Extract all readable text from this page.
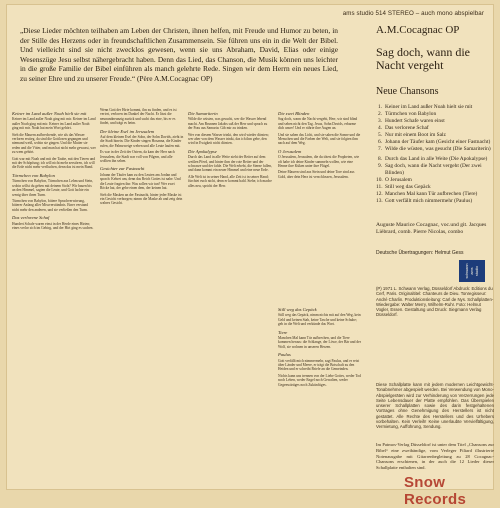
ams studio 514 STEREO – auch mono abspielbar
„Diese Lieder möchten teilhaben am Leben der Christen, ihnen helfen, mit Freude und Humor zu beten, in der Stille des Herzens oder in freundschaftlichen Zusammensein. Sie führen uns ein in die Welt der Bibel. Und vielleicht sind sie nicht zwecklos gewesen, wenn sie uns Abraham, David, Elias oder einige Wesenszüge Jesu selbst nähergebracht haben. Denn das Lied, das Chanson, die Musik können uns leichter in die große Familie der Bibel einführen als manch gelehrte Rede. Singen wir dem Herrn ein neues Lied, zu seiner Ehre und zu unserer Freude.“ (Père A.M.Cocagnac OP)
A.M.Cocagnac OP
Sag doch, wann die Nacht vergeht
Neue Chansons
1. Keiner im Land außer Noah hielt sie mit
2. Türmchen von Babylon
3. Hundert Schafe waren einst
4. Das verlorene Schaf
5. Nur mit einem Boot im Salz
6. Johann der Täufer kam (Gesicht einer Fastnacht)
7. Wilde die wüsten, was gesucht (Die Samariterin)
8. Durch das Land in alle Weite (Die Apokalypse)
9. Sag doch, wann die Nacht vergeht (Der zwei Blinden)
10. O Jerusalem
11. Still weg das Gepäck
12. Manchen Mal kann Tür aufbrechen (Tiere)
13. Gott verfällt mich nimmermehr (Paulus)
Auguste Maurice Cocagnac, voc.und git. Jacques Lièbrard, comb. Pierre Nicolas, combo
Deutsche Übertragungen: Helmut Gess
schwann ams studio
(P) 1971 L. Schwann Verlag, Düsseldorf Abdruck: Editions du Cerf, Paris. Originaltitel: Chanteurs de Dieu. Tonregisseur: André Charlin. Produktionsleitung: Carl de Nys. Schallplatten-Wiedergabe: Walter Merry, Wilhelm-Ruhr. Foto: Helmut Vogler, Essen. Gestaltung und Druck: Siegmann Verlag Düsseldorf.
Diese Schallplatte kann mit jedem modernen Leichtgewicht-Tonabnehmer abgespielt werden. Bei Verwendung von Mono-Abspielgeräten wird zur Verhinderung von Verzerrungen jede Seite Lebensdauer der Platte empfohlen. Das Überspielen unserer Schallplatten sowie des darin festgehaltenen Vortrages ohne Genehmigung des Herstellers ist nicht gestattet. Alle Rechte des Herstellers und des Urhebers vorbehalten. Kein Verleih! Keine unerlaubte Vervielfältigung, Vermietung, Aufführung, Sendung.
Im Patmos-Verlag Düsseldorf ist unter dem Titel „Chansons zur Bibel“ eine zweibändige, vom Verleger Filiard illustrierte Notenausgabe mit Gitarrenbegleitung zu 28 Cocagnac-Chansons erschienen, in der auch die 12 Lieder dieser Schallplatte enthalten sind.
Keiner im Land außer Noah hielt sie mit

Keiner im Land außer Noah ging mit mir. Keiner im Land außer Noah ging mit mir. Keiner im Land außer Noah ging mit mir. Noah hat mein Wort gehört.

Sieh die Mauern aufbrechende, wie als das Wasser verloren erstieg, da sind die Gottlosen gegangen und niemand weiß, wohin sie gingen. Und die Mutter sie reden und die Väter, und man hat nicht mehr gewusst, wer zu wem gehört.

Gott war mit Noah und mit der Taube, mit den Tieren und mit der Schöpfung; ich will nicht mehr zerstören, ich will die Erde nicht mehr verfluchen, denn das ist mein Bund.

Türmchen von Babylon

Türmchen von Babylon, Türmchen aus Lehm und Stein, wohin willst du gehen mit deinem Stolz? Wir bauen bis an den Himmel, sagten die Leute, und Gott lachte ein wenig über ihren Turm.

Türmchen von Babylon, bittere Sprachverwirrung, bitterer Anfang aller Missverständnis. Einer verstand nicht mehr den anderen, und sie verließen den Turm.

Das verlorene Schaf

Hundert Schafe waren einst in der Herde eines Hirten; eines verlor sich im Gebirg, und der Hirt ging es suchen.

Wenn Gott der Hirte kommt, ihn zu finden, und es ist verirrt, verloren im Dunkel der Nacht. Er lässt die neunundneunzig zurück und sucht das eine, bis er es findet, und trägt es heim.

Der kleine Esel im Jerusalem

Auf dem kleinen Esel der Sohn, der Sohn Davids, zieht in die Stadt hinein. Die Kinder singen Hosanna, die Kinder rufen, die Palmzweige wehen und alle Leute laufen mit.

Es war in der Zeit der Ostern, da kam der Herr nach Jerusalem, die Stadt war voll von Pilgern, und alle wollten ihn sehen.

Gesichter zur Fastnacht

Johann der Täufer kam zu den Leuten am Jordan und sprach: Kehret um, denn das Reich Gottes ist nahe. Und die Leute fragten ihn: Was sollen wir tun? Wer zwei Röcke hat, der gebe einen dem, der keinen hat.

Sieh die Masken an der Fastnacht, hinter jeder Maske ist ein Gesicht verborgen; nimm die Maske ab und zeig dein wahres Gesicht.

Die Samariterin

Wilde die wüsten, was gesucht, wer die Wasser lebend macht. Am Brunnen Jakobs saß der Herr und sprach zu der Frau aus Samaria: Gib mir zu trinken.

Wer von diesem Wasser trinkt, den wird wieder dürsten; wer aber von dem Wasser trinkt, das ich ihm gebe, den wird in Ewigkeit nicht dürsten.

Die Apokalypse

Durch das Land in alle Weite zieht der Reiter auf dem weißen Pferd, und hinter ihm der rote Reiter und der schwarze und der fahle. Die Welt erbebt, die Sterne fallen, und dann kommt ein neuer Himmel und eine neue Erde.

Alle Welt ist in seiner Hand, alle Zeit ist in seiner Hand; fürchtet euch nicht, denn er kommt bald. Siehe, ich mache alles neu, spricht der Herr.

Die zwei Blinden

Sag doch, wann die Nacht vergeht, Herr, wir sind blind und sehen nicht den Tag. Jesus, Sohn Davids, erbarme dich unser! Und er rührte ihre Augen an.

Und sie sahen das Licht, und sie sahen die Sonne und die Menschen und die Farben der Welt, und sie folgten ihm nach auf dem Weg.

O Jerusalem

O Jerusalem, Jerusalem, die du tötest die Propheten, wie oft habe ich deine Kinder sammeln wollen, wie eine Henne ihre Küken unter ihre Flügel.

Deine Mauern sind aus Stein und deine Tore sind aus Gold, aber dein Herz ist verschlossen, Jerusalem.

Still weg das Gepäck

Still weg das Gepäck, nimm nichts mit auf den Weg, kein Geld und keinen Stab, keine Tasche und keine Schuhe; geh in die Welt und verkünde das Wort.

Tiere

Manchen Mal kann Tür aufbrechen, und die Tiere kommen heraus: die Schlange, der Löwe, der Bär und der Wolf, sie wohnen in unseren Herzen.

Paulus

Gott verfällt mich nimmermehr, sagt Paulus, und er reist über Länder und Meere, er trägt die Botschaft zu den Heiden und er schreibt Briefe an die Gemeinden.

Nichts kann uns trennen von der Liebe Gottes, weder Tod noch Leben, weder Engel noch Gewalten, weder Gegenwärtiges noch Zukünftiges.

Snow Records
